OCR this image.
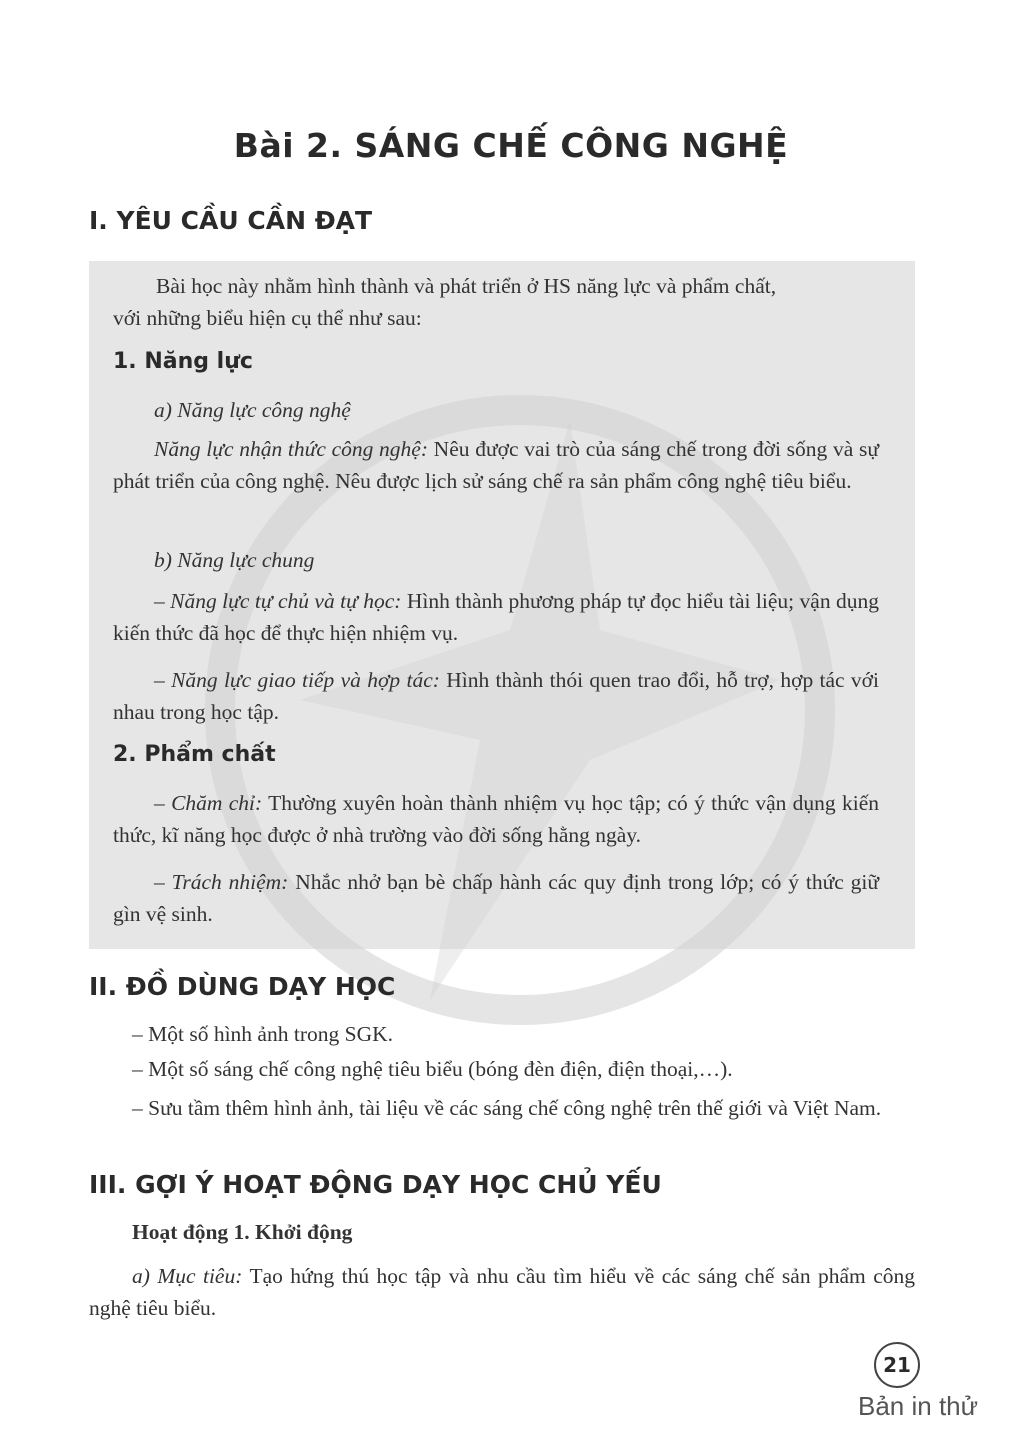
Bài 2. SÁNG CHẾ CÔNG NGHỆ
I. YÊU CẦU CẦN ĐẠT
Bài học này nhằm hình thành và phát triển ở HS năng lực và phẩm chất,
với những biểu hiện cụ thể như sau:
1. Năng lực
a) Năng lực công nghệ
Năng lực nhận thức công nghệ: Nêu được vai trò của sáng chế trong đời sống và sự phát triển của công nghệ. Nêu được lịch sử sáng chế ra sản phẩm công nghệ tiêu biểu.
b) Năng lực chung
– Năng lực tự chủ và tự học: Hình thành phương pháp tự đọc hiểu tài liệu; vận dụng kiến thức đã học để thực hiện nhiệm vụ.
– Năng lực giao tiếp và hợp tác: Hình thành thói quen trao đổi, hỗ trợ, hợp tác với nhau trong học tập.
2. Phẩm chất
– Chăm chỉ: Thường xuyên hoàn thành nhiệm vụ học tập; có ý thức vận dụng kiến thức, kĩ năng học được ở nhà trường vào đời sống hằng ngày.
– Trách nhiệm: Nhắc nhở bạn bè chấp hành các quy định trong lớp; có ý thức giữ gìn vệ sinh.
II. ĐỒ DÙNG DẠY HỌC
– Một số hình ảnh trong SGK.
– Một số sáng chế công nghệ tiêu biểu (bóng đèn điện, điện thoại,…).
– Sưu tầm thêm hình ảnh, tài liệu về các sáng chế công nghệ trên thế giới và Việt Nam.
III. GỢI Ý HOẠT ĐỘNG DẠY HỌC CHỦ YẾU
Hoạt động 1. Khởi động
a) Mục tiêu: Tạo hứng thú học tập và nhu cầu tìm hiểu về các sáng chế sản phẩm công nghệ tiêu biểu.
21
Bản in thử
